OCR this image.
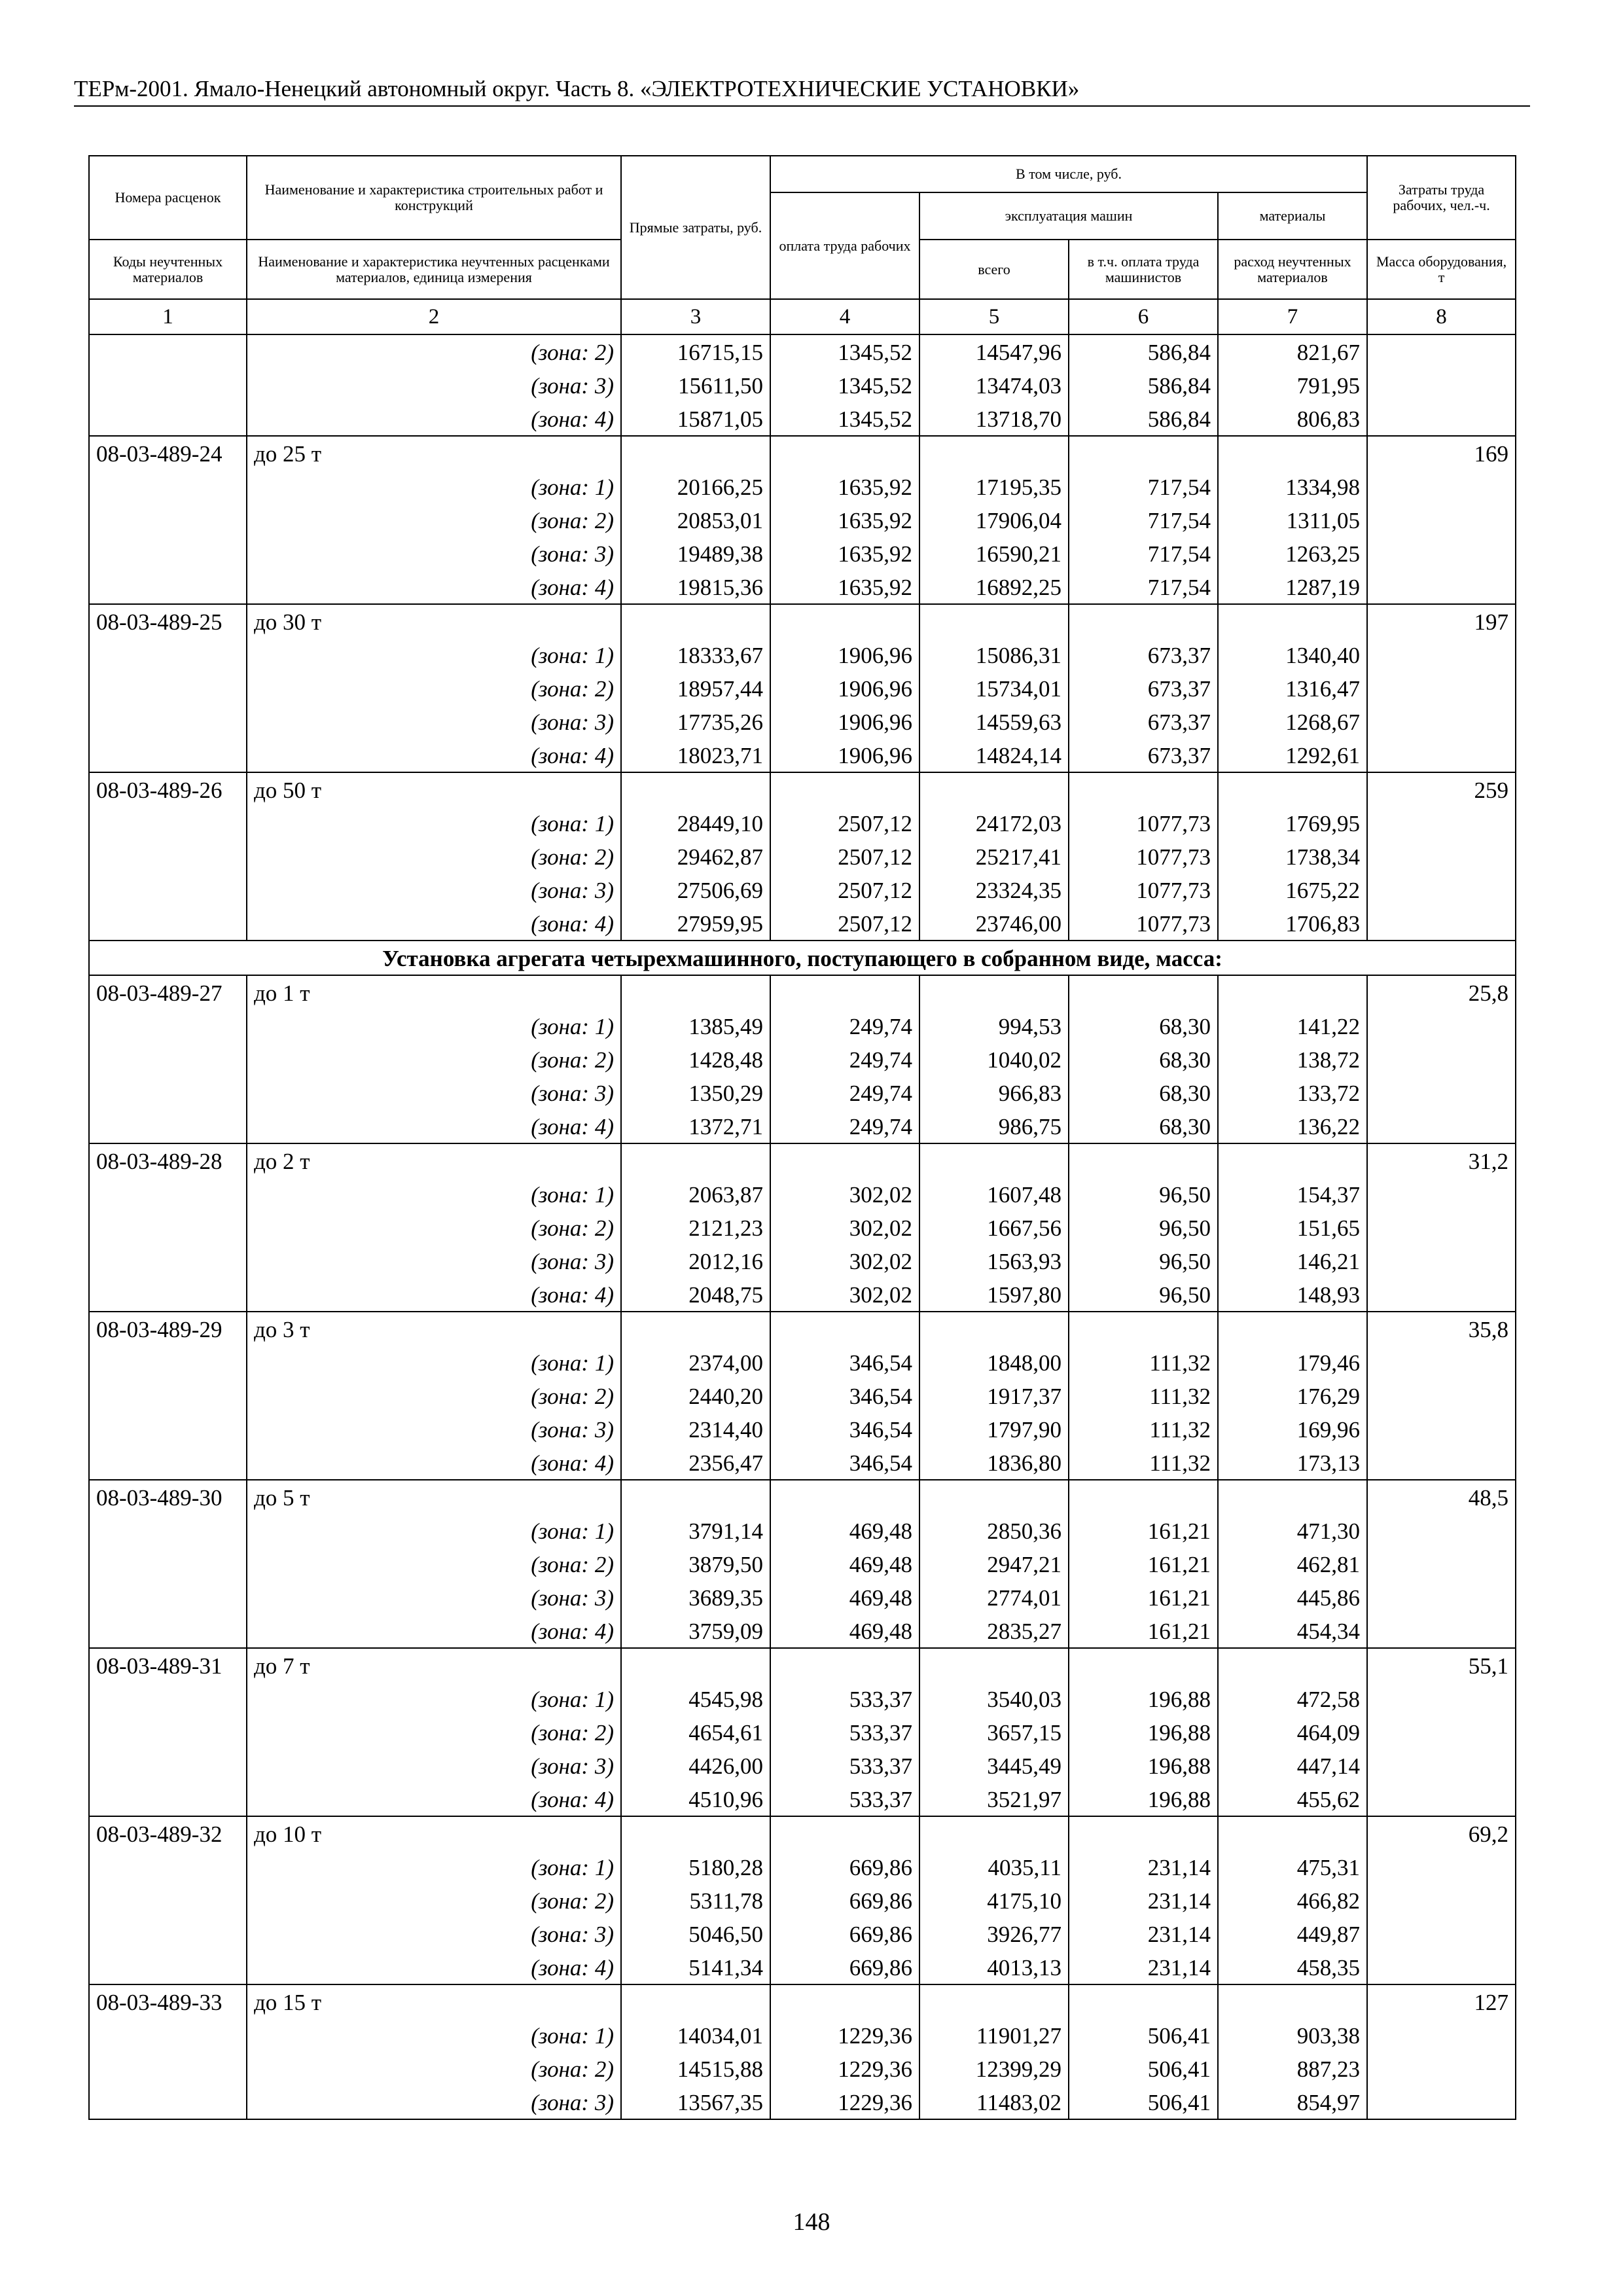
ТЕРм-2001. Ямало-Ненецкий автономный округ. Часть 8. «ЭЛЕКТРОТЕХНИЧЕСКИЕ УСТАНОВКИ»
Номера расценок	Наименование и характеристика строительных работ и конструкций	Прямые затраты, руб.	В том числе, руб.				Затраты труда рабочих, чел.-ч.
			оплата труда рабочих	эксплуатация машин		материалы	
Коды неучтенных материалов	Наименование и характеристика неучтенных расценками материалов, единица измерения			всего	в т.ч. оплата труда машинистов	расход неучтенных материалов	Масса оборудования, т
1	2	3	4	5	6	7	8
	(зона: 2)	16715,15	1345,52	14547,96	586,84	821,67	
	(зона: 3)	15611,50	1345,52	13474,03	586,84	791,95	
	(зона: 4)	15871,05	1345,52	13718,70	586,84	806,83	
08-03-489-24	до 25 т						169
	(зона: 1)	20166,25	1635,92	17195,35	717,54	1334,98	
	(зона: 2)	20853,01	1635,92	17906,04	717,54	1311,05	
	(зона: 3)	19489,38	1635,92	16590,21	717,54	1263,25	
	(зона: 4)	19815,36	1635,92	16892,25	717,54	1287,19	
08-03-489-25	до 30 т						197
	(зона: 1)	18333,67	1906,96	15086,31	673,37	1340,40	
	(зона: 2)	18957,44	1906,96	15734,01	673,37	1316,47	
	(зона: 3)	17735,26	1906,96	14559,63	673,37	1268,67	
	(зона: 4)	18023,71	1906,96	14824,14	673,37	1292,61	
08-03-489-26	до 50 т						259
	(зона: 1)	28449,10	2507,12	24172,03	1077,73	1769,95	
	(зона: 2)	29462,87	2507,12	25217,41	1077,73	1738,34	
	(зона: 3)	27506,69	2507,12	23324,35	1077,73	1675,22	
	(зона: 4)	27959,95	2507,12	23746,00	1077,73	1706,83	
Установка агрегата четырехмашинного, поступающего в собранном виде, масса:							
08-03-489-27	до 1 т						25,8
	(зона: 1)	1385,49	249,74	994,53	68,30	141,22	
	(зона: 2)	1428,48	249,74	1040,02	68,30	138,72	
	(зона: 3)	1350,29	249,74	966,83	68,30	133,72	
	(зона: 4)	1372,71	249,74	986,75	68,30	136,22	
08-03-489-28	до 2 т						31,2
	(зона: 1)	2063,87	302,02	1607,48	96,50	154,37	
	(зона: 2)	2121,23	302,02	1667,56	96,50	151,65	
	(зона: 3)	2012,16	302,02	1563,93	96,50	146,21	
	(зона: 4)	2048,75	302,02	1597,80	96,50	148,93	
08-03-489-29	до 3 т						35,8
	(зона: 1)	2374,00	346,54	1848,00	111,32	179,46	
	(зона: 2)	2440,20	346,54	1917,37	111,32	176,29	
	(зона: 3)	2314,40	346,54	1797,90	111,32	169,96	
	(зона: 4)	2356,47	346,54	1836,80	111,32	173,13	
08-03-489-30	до 5 т						48,5
	(зона: 1)	3791,14	469,48	2850,36	161,21	471,30	
	(зона: 2)	3879,50	469,48	2947,21	161,21	462,81	
	(зона: 3)	3689,35	469,48	2774,01	161,21	445,86	
	(зона: 4)	3759,09	469,48	2835,27	161,21	454,34	
08-03-489-31	до 7 т						55,1
	(зона: 1)	4545,98	533,37	3540,03	196,88	472,58	
	(зона: 2)	4654,61	533,37	3657,15	196,88	464,09	
	(зона: 3)	4426,00	533,37	3445,49	196,88	447,14	
	(зона: 4)	4510,96	533,37	3521,97	196,88	455,62	
08-03-489-32	до 10 т						69,2
	(зона: 1)	5180,28	669,86	4035,11	231,14	475,31	
	(зона: 2)	5311,78	669,86	4175,10	231,14	466,82	
	(зона: 3)	5046,50	669,86	3926,77	231,14	449,87	
	(зона: 4)	5141,34	669,86	4013,13	231,14	458,35	
08-03-489-33	до 15 т						127
	(зона: 1)	14034,01	1229,36	11901,27	506,41	903,38	
	(зона: 2)	14515,88	1229,36	12399,29	506,41	887,23	
	(зона: 3)	13567,35	1229,36	11483,02	506,41	854,97	
148
